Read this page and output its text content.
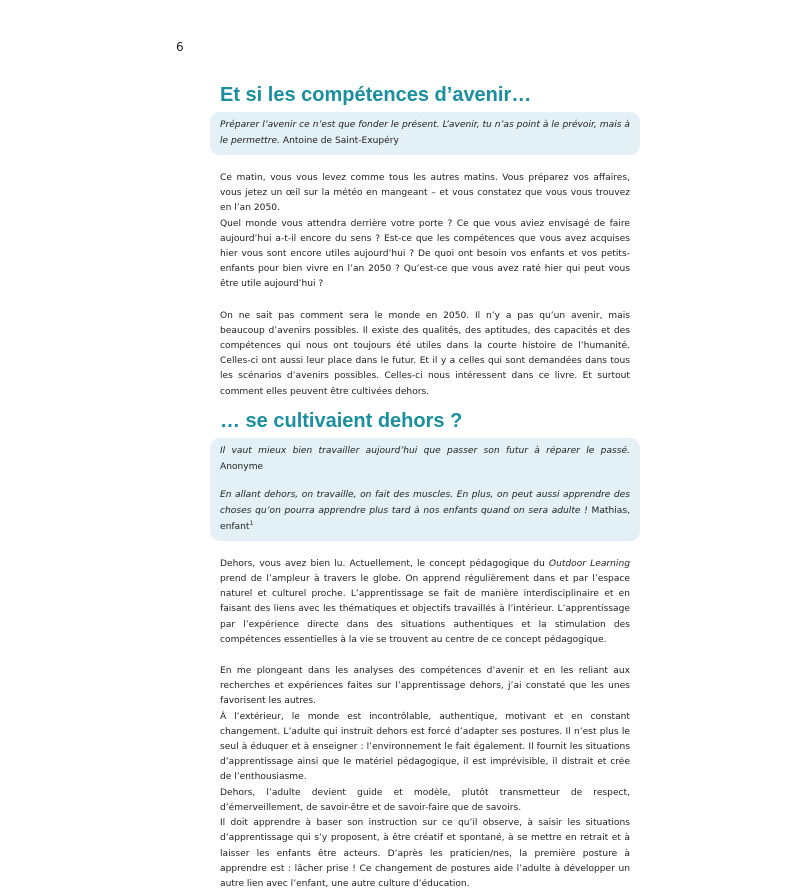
6
Et si les compétences d’avenir…

Préparer l’avenir ce n’est que fonder le présent. L’avenir, tu n’as point à le prévoir, mais à le permettre. Antoine de Saint-Exupéry

Ce matin, vous vous levez comme tous les autres matins. Vous préparez vos affaires, vous jetez un œil sur la météo en mangeant – et vous constatez que vous vous trouvez en l’an 2050.
Quel monde vous attendra derrière votre porte ? Ce que vous aviez envisagé de faire aujourd’hui a-t-il encore du sens ? Est-ce que les compétences que vous avez acquises hier vous sont encore utiles aujourd’hui ? De quoi ont besoin vos enfants et vos petits-enfants pour bien vivre en l’an 2050 ? Qu’est-ce que vous avez raté hier qui peut vous être utile aujourd’hui ?
On ne sait pas comment sera le monde en 2050. Il n’y a pas qu’un avenir, mais beaucoup d’avenirs possibles. Il existe des qualités, des aptitudes, des capacités et des compétences qui nous ont toujours été utiles dans la courte histoire de l’humanité. Celles-ci ont aussi leur place dans le futur. Et il y a celles qui sont demandées dans tous les scénarios d’avenirs possibles. Celles-ci nous intéressent dans ce livre. Et surtout comment elles peuvent être cultivées dehors.
… se cultivaient dehors ?

Il vaut mieux bien travailler aujourd’hui que passer son futur à réparer le passé. Anonyme

En allant dehors, on travaille, on fait des muscles. En plus, on peut aussi apprendre des choses qu’on pourra apprendre plus tard à nos enfants quand on sera adulte ! Mathias, enfant$^1$

Dehors, vous avez bien lu. Actuellement, le concept pédagogique du Outdoor Learning prend de l’ampleur à travers le globe. On apprend régulièrement dans et par l’espace naturel et culturel proche. L’apprentissage se fait de manière interdisciplinaire et en faisant des liens avec les thématiques et objectifs travaillés à l’intérieur. L’apprentissage par l’expérience directe dans des situations authentiques et la stimulation des compétences essentielles à la vie se trouvent au centre de ce concept pédagogique.
En me plongeant dans les analyses des compétences d’avenir et en les reliant aux recherches et expériences faites sur l’apprentissage dehors, j’ai constaté que les unes favorisent les autres.
À l’extérieur, le monde est incontrôlable, authentique, motivant et en constant changement. L’adulte qui instruit dehors est forcé d’adapter ses postures. Il n’est plus le seul à éduquer et à enseigner : l’environnement le fait également. Il fournit les situations d’apprentissage ainsi que le matériel pédagogique, il est imprévisible, il distrait et crée de l’enthousiasme.
Dehors, l’adulte devient guide et modèle, plutôt transmetteur de respect, d’émerveillement, de savoir-être et de savoir-faire que de savoirs.
Il doit apprendre à baser son instruction sur ce qu’il observe, à saisir les situations d’apprentissage qui s’y proposent, à être créatif et spontané, à se mettre en retrait et à laisser les enfants être acteurs. D’après les praticien/nes, la première posture à apprendre est : lâcher prise ! Ce changement de postures aide l’adulte à développer un autre lien avec l’enfant, une autre culture d’éducation.
